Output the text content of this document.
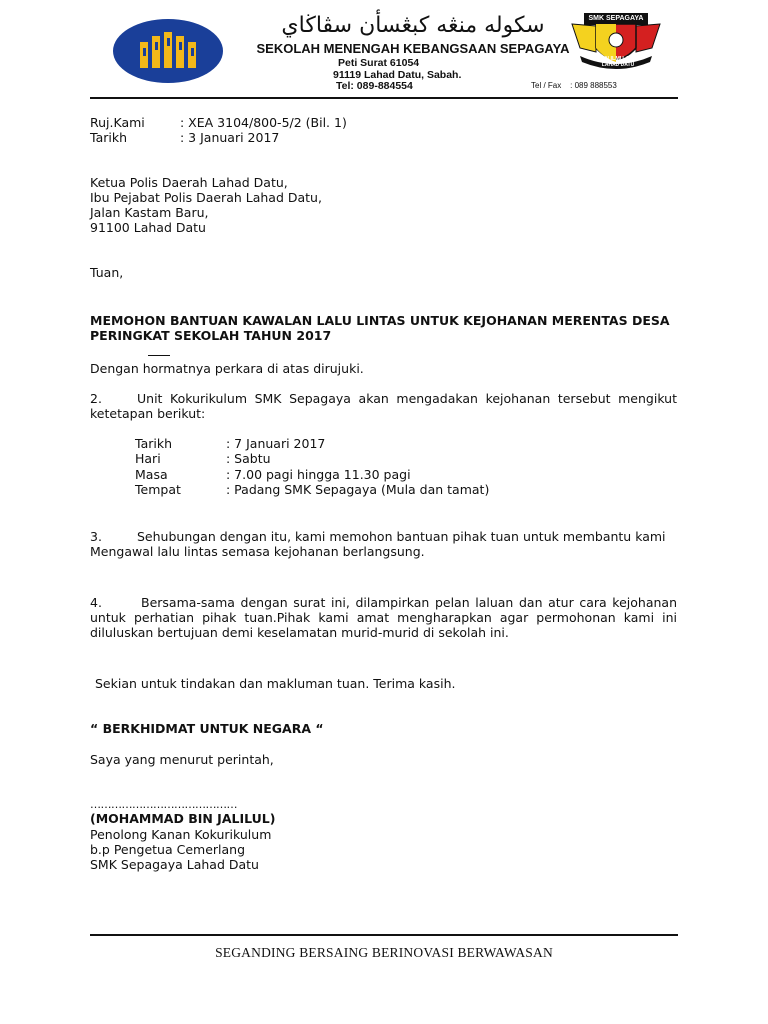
سكوله منڠه كبڠسأن سڤاڬاي
SEKOLAH MENENGAH KEBANGSAAN SEPAGAYA
Peti Surat 61054
91119 Lahad Datu, Sabah.
Tel: 089-884554
SMK SEPAGAYA
IMAN ILMU AMAL
LAHAD DATU
Tel / Fax    : 089 888553
Ruj.Kami	: XEA 3104/800-5/2 (Bil. 1)
Tarikh	: 3 Januari 2017
Ketua Polis Daerah Lahad Datu,
Ibu Pejabat Polis Daerah Lahad Datu,
Jalan Kastam Baru,
91100 Lahad Datu
Tuan,
MEMOHON BANTUAN KAWALAN LALU LINTAS UNTUK KEJOHANAN MERENTAS DESA
PERINGKAT SEKOLAH TAHUN 2017
Dengan hormatnya perkara di atas dirujuki.
2.	Unit Kokurikulum SMK Sepagaya akan mengadakan kejohanan tersebut mengikut
ketetapan berikut:
Tarikh	: 7 Januari 2017
Hari	: Sabtu
Masa	: 7.00 pagi hingga 11.30 pagi
Tempat	: Padang SMK Sepagaya (Mula dan tamat)
3.	Sehubungan dengan itu, kami memohon bantuan pihak tuan untuk membantu kami
Mengawal lalu lintas semasa kejohanan berlangsung.
4.	Bersama-sama dengan surat ini, dilampirkan pelan laluan dan atur cara kejohanan
untuk perhatian pihak tuan.Pihak kami amat mengharapkan agar permohonan kami ini
diluluskan bertujuan demi keselamatan murid-murid di sekolah ini.
Sekian untuk tindakan dan makluman tuan. Terima kasih.
“ BERKHIDMAT UNTUK NEGARA “
Saya yang menurut perintah,
……………………………………
(MOHAMMAD BIN JALILUL)
Penolong Kanan Kokurikulum
b.p Pengetua Cemerlang
SMK Sepagaya Lahad Datu
SEGANDING BERSAING BERINOVASI BERWAWASAN
